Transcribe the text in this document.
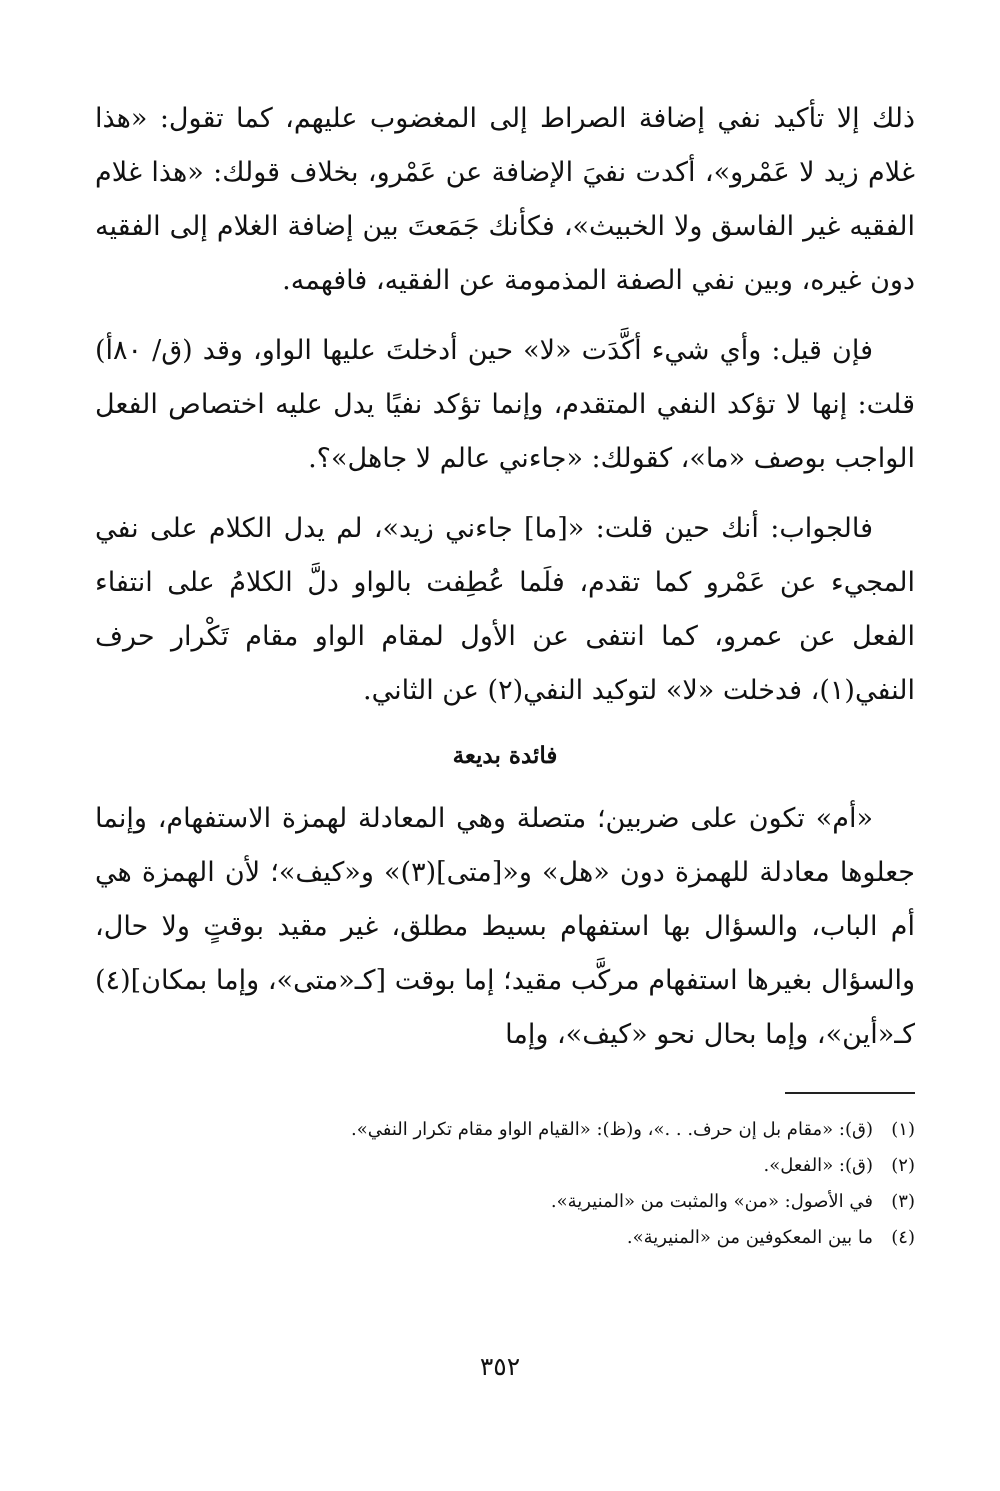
ذلك إلا تأكيد نفي إضافة الصراط إلى المغضوب عليهم، كما تقول: «هذا غلام زيد لا عَمْرو»، أكدت نفيَ الإضافة عن عَمْرو، بخلاف قولك: «هذا غلام الفقيه غير الفاسق ولا الخبيث»، فكأنك جَمَعتَ بين إضافة الغلام إلى الفقيه دون غيره، وبين نفي الصفة المذمومة عن الفقيه، فافهمه.

فإن قيل: وأي شيء أكَّدَت «لا» حين أدخلتَ عليها الواو، وقد (ق/ ٨٠أ) قلت: إنها لا تؤكد النفي المتقدم، وإنما تؤكد نفيًا يدل عليه اختصاص الفعل الواجب بوصف «ما»، كقولك: «جاءني عالم لا جاهل»؟.

فالجواب: أنك حين قلت: «[ما] جاءني زيد»، لم يدل الكلام على نفي المجيء عن عَمْرو كما تقدم، فلَما عُطِفت بالواو دلَّ الكلامُ على انتفاء الفعل عن عمرو، كما انتفى عن الأول لمقام الواو مقام تَكْرار حرف النفي(١)، فدخلت «لا» لتوكيد النفي(٢) عن الثاني.

فائدة بديعة

«أم» تكون على ضربين؛ متصلة وهي المعادلة لهمزة الاستفهام، وإنما جعلوها معادلة للهمزة دون «هل» و«[متى](٣)» و«كيف»؛ لأن الهمزة هي أم الباب، والسؤال بها استفهام بسيط مطلق، غير مقيد بوقتٍ ولا حال، والسؤال بغيرها استفهام مركَّب مقيد؛ إما بوقت [كـ«متى»، وإما بمكان](٤) كـ«أين»، وإما بحال نحو «كيف»، وإما

(١)
(ق): «مقام بل إن حرف. . .»، و(ظ): «القيام الواو مقام تكرار النفي».

(٢)
(ق): «الفعل».

(٣)
في الأصول: «من» والمثبت من «المنيرية».

(٤)
ما بين المعكوفين من «المنيرية».

٣٥٢
